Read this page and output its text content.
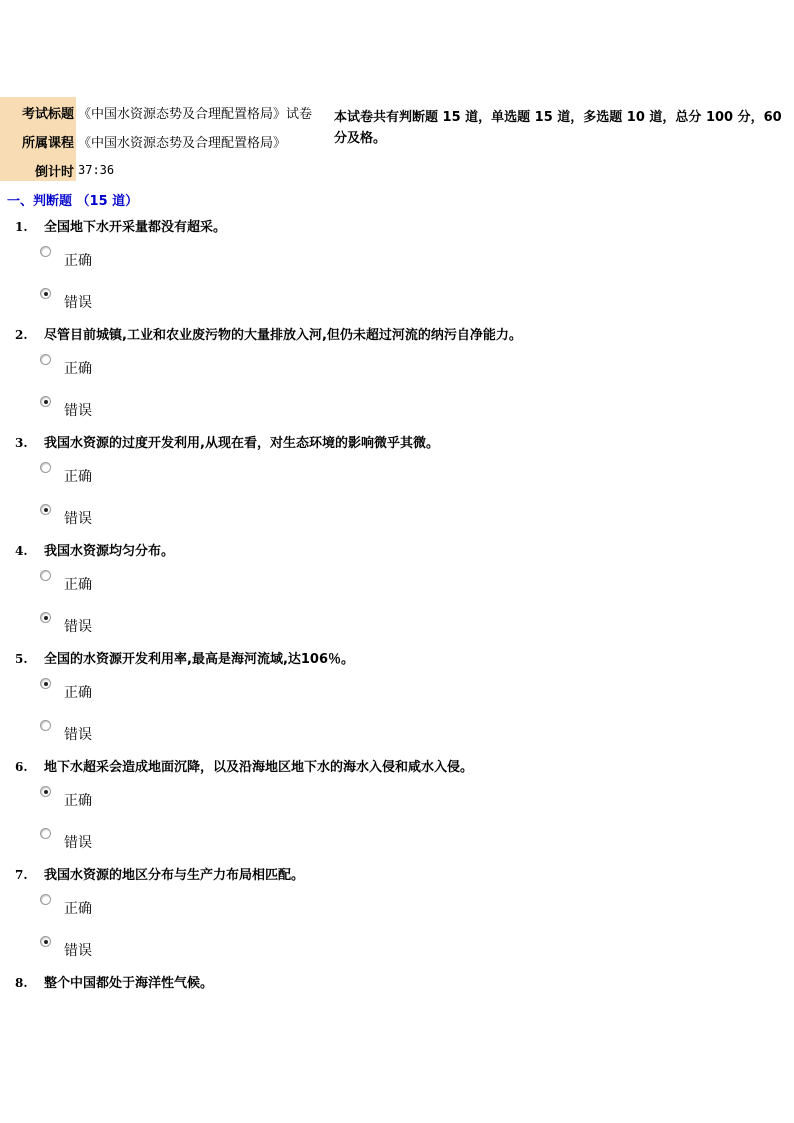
考试标题
所属课程
倒计时
《中国水资源态势及合理配置格局》试卷
《中国水资源态势及合理配置格局》
37:36
本试卷共有判断题 15 道，单选题 15 道，多选题 10 道，总分 100 分，60
分及格。
一、判断题 （15 道）
1. 全国地下水开采量都没有超采。
正确
错误
2. 尽管目前城镇,工业和农业废污物的大量排放入河,但仍未超过河流的纳污自净能力。
正确
错误
3. 我国水资源的过度开发利用,从现在看，对生态环境的影响微乎其微。
正确
错误
4. 我国水资源均匀分布。
正确
错误
5. 全国的水资源开发利用率,最高是海河流域,达106％。
正确
错误
6. 地下水超采会造成地面沉降，以及沿海地区地下水的海水入侵和咸水入侵。
正确
错误
7. 我国水资源的地区分布与生产力布局相匹配。
正确
错误
8. 整个中国都处于海洋性气候。
